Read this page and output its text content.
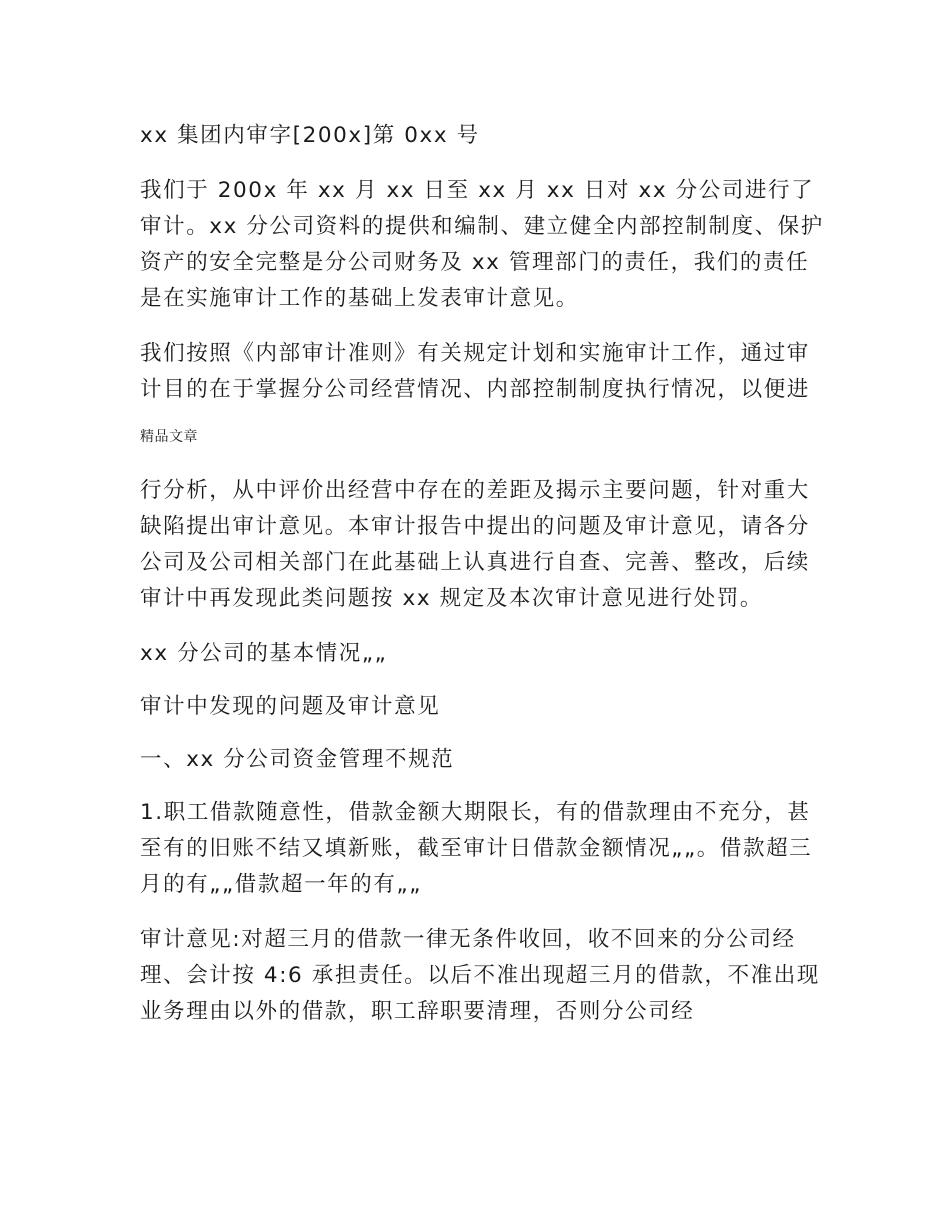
xx 集团内审字[200x]第 0xx 号

我们于 200x 年 xx 月 xx 日至 xx 月 xx 日对 xx 分公司进行了审计。xx 分公司资料的提供和编制、建立健全内部控制制度、保护资产的安全完整是分公司财务及 xx 管理部门的责任，我们的责任是在实施审计工作的基础上发表审计意见。

我们按照《内部审计准则》有关规定计划和实施审计工作，通过审计目的在于掌握分公司经营情况、内部控制制度执行情况，以便进

精品文章

行分析，从中评价出经营中存在的差距及揭示主要问题，针对重大缺陷提出审计意见。本审计报告中提出的问题及审计意见，请各分公司及公司相关部门在此基础上认真进行自查、完善、整改，后续审计中再发现此类问题按 xx 规定及本次审计意见进行处罚。

xx 分公司的基本情况„„

审计中发现的问题及审计意见

一、xx 分公司资金管理不规范

1.职工借款随意性，借款金额大期限长，有的借款理由不充分，甚至有的旧账不结又填新账，截至审计日借款金额情况„„。借款超三月的有„„借款超一年的有„„

审计意见:对超三月的借款一律无条件收回，收不回来的分公司经理、会计按 4:6 承担责任。以后不准出现超三月的借款，不准出现业务理由以外的借款，职工辞职要清理，否则分公司经
